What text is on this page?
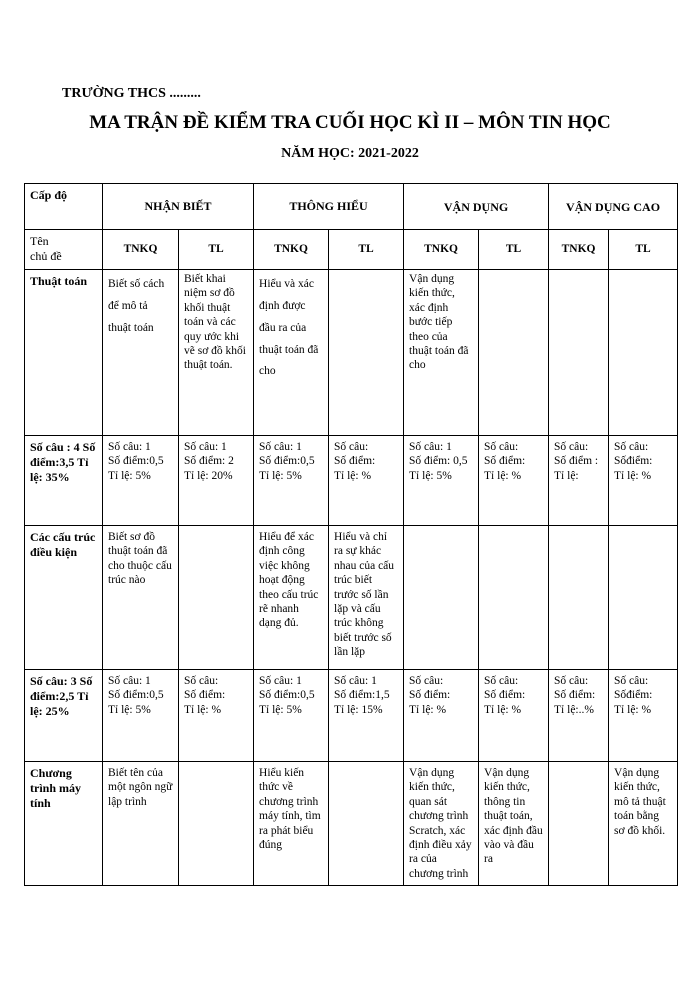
TRƯỜNG THCS .........
MA TRẬN ĐỀ KIỂM TRA CUỐI HỌC KÌ II – MÔN TIN HỌC
NĂM HỌC: 2021-2022
Cấp độ	NHẬN BIẾT		THÔNG HIỂU		VẬN DỤNG		VẬN DỤNG CAO	
Tên
chủ đề	TNKQ	TL	TNKQ	TL	TNKQ	TL	TNKQ	TL
Thuật toán	Biết số cách để mô tả thuật toán	Biết khai niệm sơ đồ khối thuật toán và các quy ước khi vẽ sơ đồ khối thuật toán.	Hiểu và xác định được đầu ra của thuật toán đã cho		Vận dụng kiến thức, xác định bước tiếp theo của thuật toán đã cho			
Số câu : 4 Số điểm:3,5 Tỉ lệ: 35%	Số câu: 1
Số điểm:0,5
Tỉ lệ: 5%	Số câu: 1
Số điểm: 2
Tỉ lệ: 20%	Số câu: 1
Số điểm:0,5
Tỉ lệ: 5%	Số câu:
Số điểm:
Tỉ lệ: %	Số câu: 1
Số điểm: 0,5
Tỉ lệ: 5%	Số câu:
Số điểm:
Tỉ lệ: %	Số câu:
Số điểm :
Tỉ lệ:	Số câu:
Sốđiểm:
Tỉ lệ: %

Các cấu trúc điều kiện	Biết sơ đồ thuật toán đã cho thuộc cấu trúc nào		Hiểu để xác định công việc không hoạt động theo cấu trúc rẽ nhanh dạng đủ.	Hiểu và chỉ ra sự khác nhau của cấu trúc biết trước số lần lặp và cấu trúc không biết trước số lần lặp				
Số câu: 3 Số điểm:2,5 Tỉ lệ: 25%	Số câu: 1
Số điểm:0,5
Tỉ lệ: 5%	Số câu:
Số điểm:
Tỉ lệ: %	Số câu: 1
Số điểm:0,5
Tỉ lệ: 5%	Số câu: 1
Số điểm:1,5
Tỉ lệ: 15%	Số câu:
Số điểm:
Tỉ lệ: %	Số câu:
Số điểm:
Tỉ lệ: %	Số câu:
Số điểm:
Tỉ lệ:..%	Số câu:
Sốđiểm:
Tỉ lệ: %

Chương trình máy tính	Biết tên của một ngôn ngữ lập trình		Hiểu kiến thức về chương trình máy tính, tìm ra phát biểu đúng		Vận dụng kiến thức, quan sát chương trình Scratch, xác định điều xảy ra của chương trình	Vận dụng kiến thức, thông tin thuật toán, xác định đầu vào và đầu ra		Vận dụng kiến thức, mô tả thuật toán bằng sơ đồ khối.
